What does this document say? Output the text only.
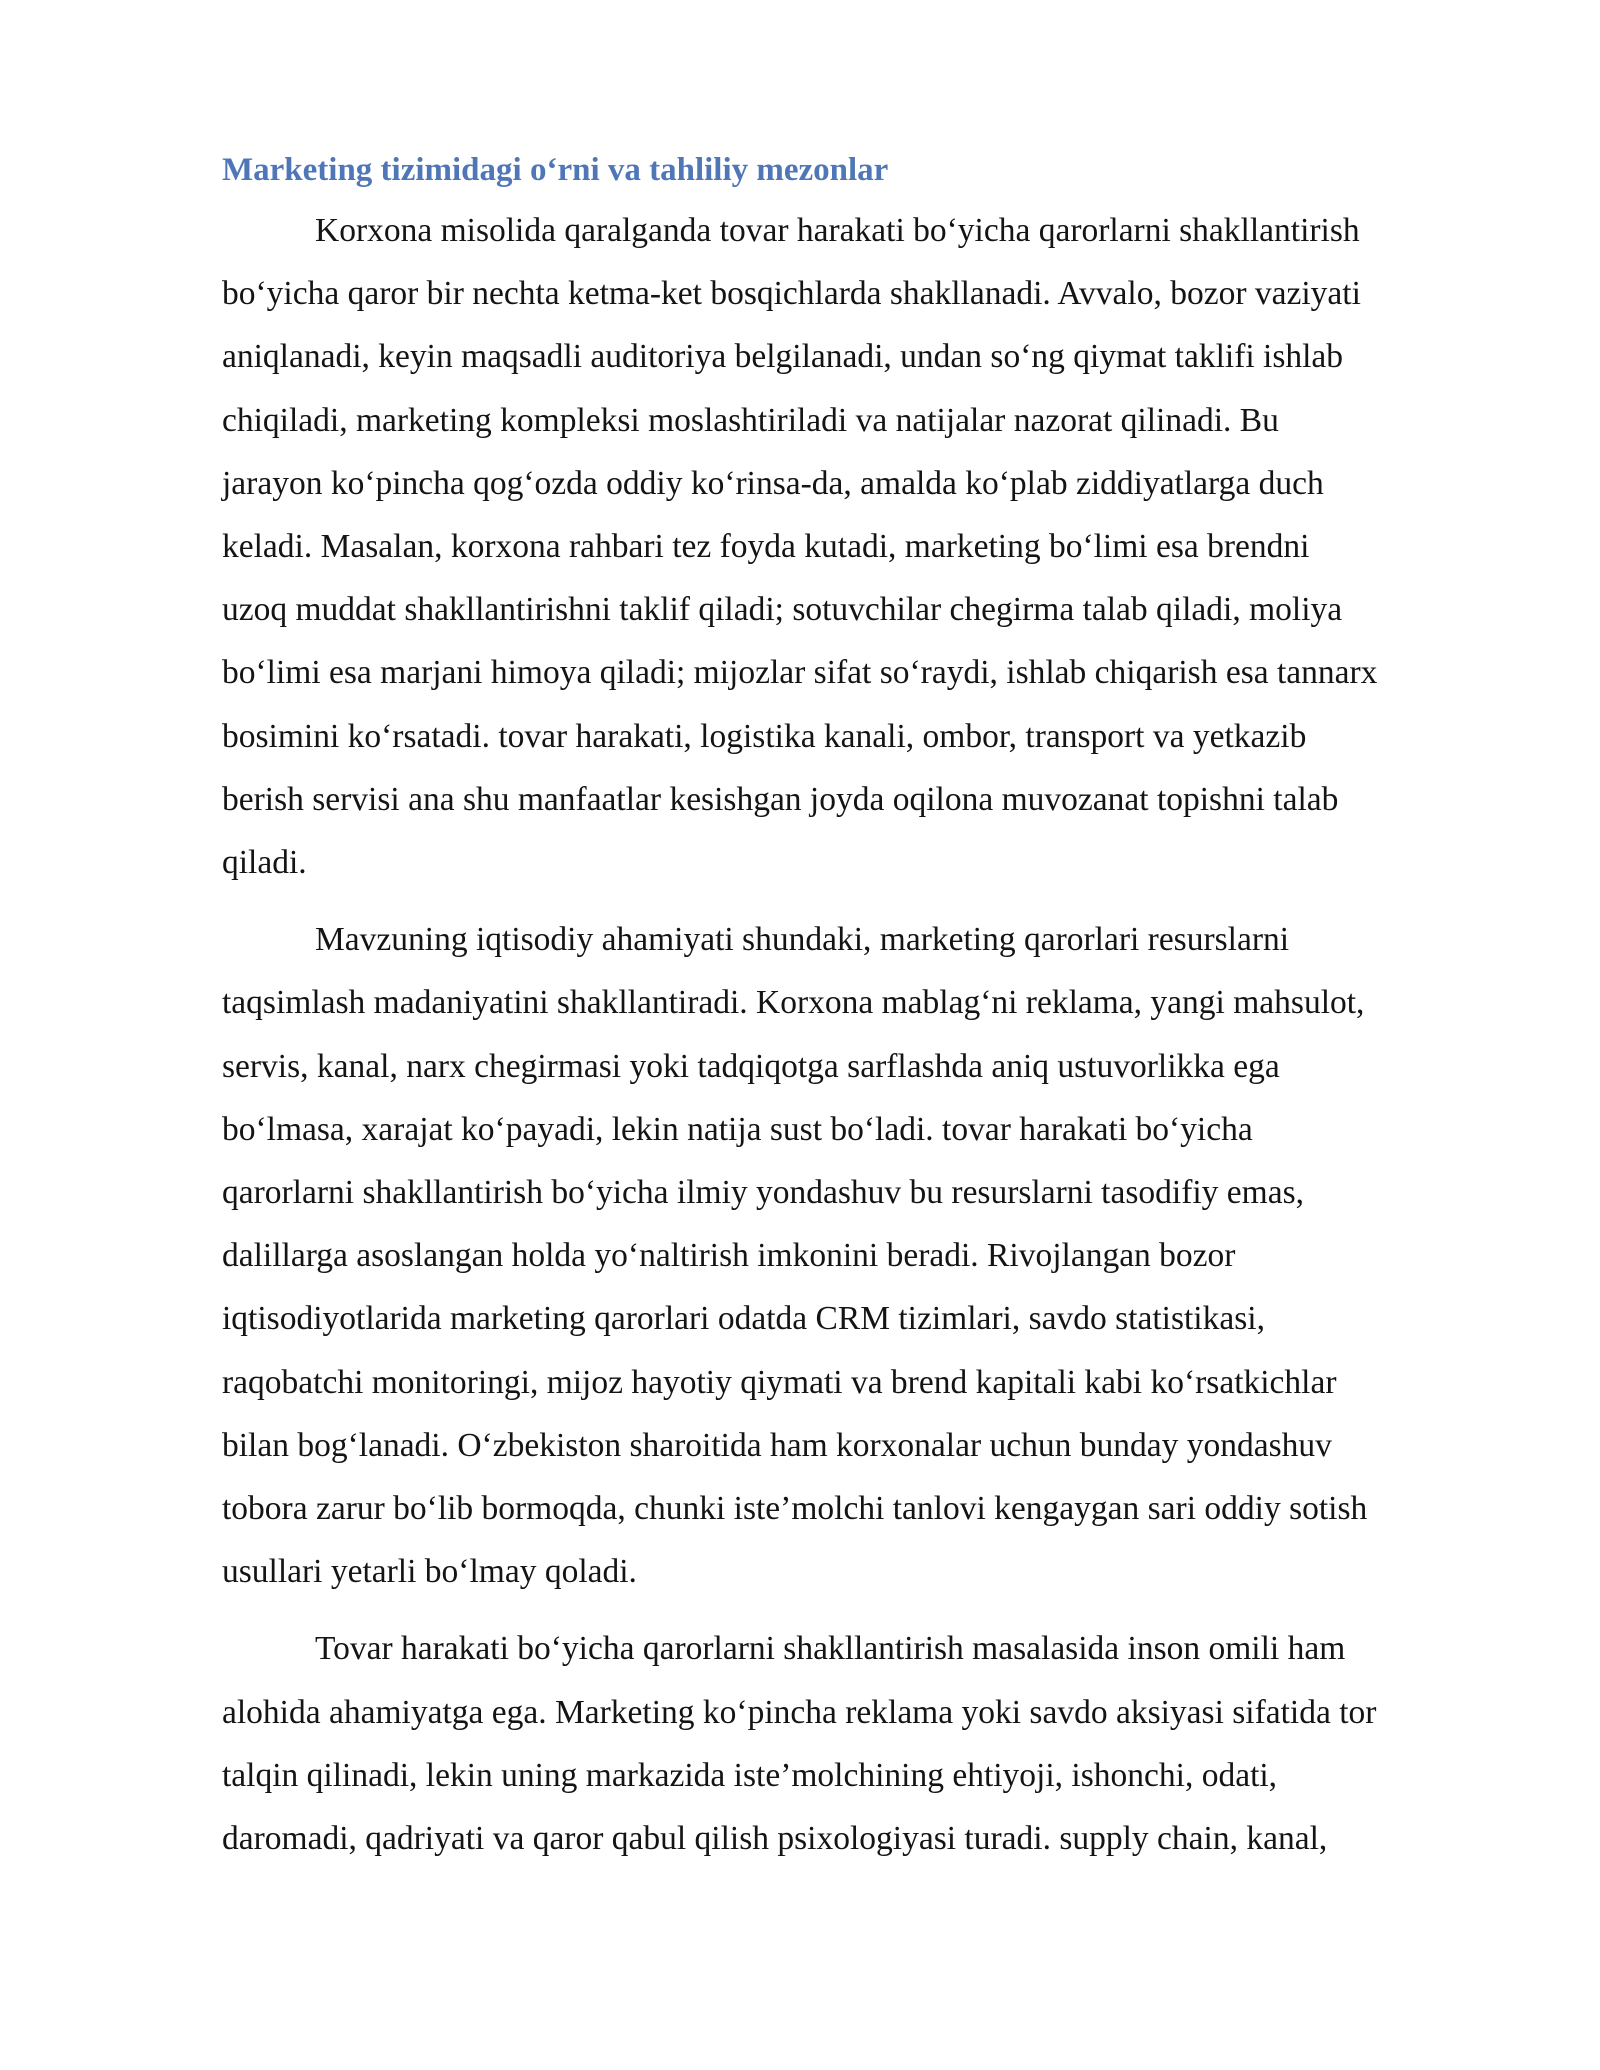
Marketing tizimidagi o‘rni va tahliliy mezonlar

Korxona misolida qaralganda tovar harakati bo‘yicha qarorlarni shakllantirish
bo‘yicha qaror bir nechta ketma-ket bosqichlarda shakllanadi. Avvalo, bozor vaziyati
aniqlanadi, keyin maqsadli auditoriya belgilanadi, undan so‘ng qiymat taklifi ishlab
chiqiladi, marketing kompleksi moslashtiriladi va natijalar nazorat qilinadi. Bu
jarayon ko‘pincha qog‘ozda oddiy ko‘rinsa-da, amalda ko‘plab ziddiyatlarga duch
keladi. Masalan, korxona rahbari tez foyda kutadi, marketing bo‘limi esa brendni
uzoq muddat shakllantirishni taklif qiladi; sotuvchilar chegirma talab qiladi, moliya
bo‘limi esa marjani himoya qiladi; mijozlar sifat so‘raydi, ishlab chiqarish esa tannarx
bosimini ko‘rsatadi. tovar harakati, logistika kanali, ombor, transport va yetkazib
berish servisi ana shu manfaatlar kesishgan joyda oqilona muvozanat topishni talab
qiladi.

Mavzuning iqtisodiy ahamiyati shundaki, marketing qarorlari resurslarni
taqsimlash madaniyatini shakllantiradi. Korxona mablag‘ni reklama, yangi mahsulot,
servis, kanal, narx chegirmasi yoki tadqiqotga sarflashda aniq ustuvorlikka ega
bo‘lmasa, xarajat ko‘payadi, lekin natija sust bo‘ladi. tovar harakati bo‘yicha
qarorlarni shakllantirish bo‘yicha ilmiy yondashuv bu resurslarni tasodifiy emas,
dalillarga asoslangan holda yo‘naltirish imkonini beradi. Rivojlangan bozor
iqtisodiyotlarida marketing qarorlari odatda CRM tizimlari, savdo statistikasi,
raqobatchi monitoringi, mijoz hayotiy qiymati va brend kapitali kabi ko‘rsatkichlar
bilan bog‘lanadi. O‘zbekiston sharoitida ham korxonalar uchun bunday yondashuv
tobora zarur bo‘lib bormoqda, chunki iste’molchi tanlovi kengaygan sari oddiy sotish
usullari yetarli bo‘lmay qoladi.

Tovar harakati bo‘yicha qarorlarni shakllantirish masalasida inson omili ham
alohida ahamiyatga ega. Marketing ko‘pincha reklama yoki savdo aksiyasi sifatida tor
talqin qilinadi, lekin uning markazida iste’molchining ehtiyoji, ishonchi, odati,
daromadi, qadriyati va qaror qabul qilish psixologiyasi turadi. supply chain, kanal,
